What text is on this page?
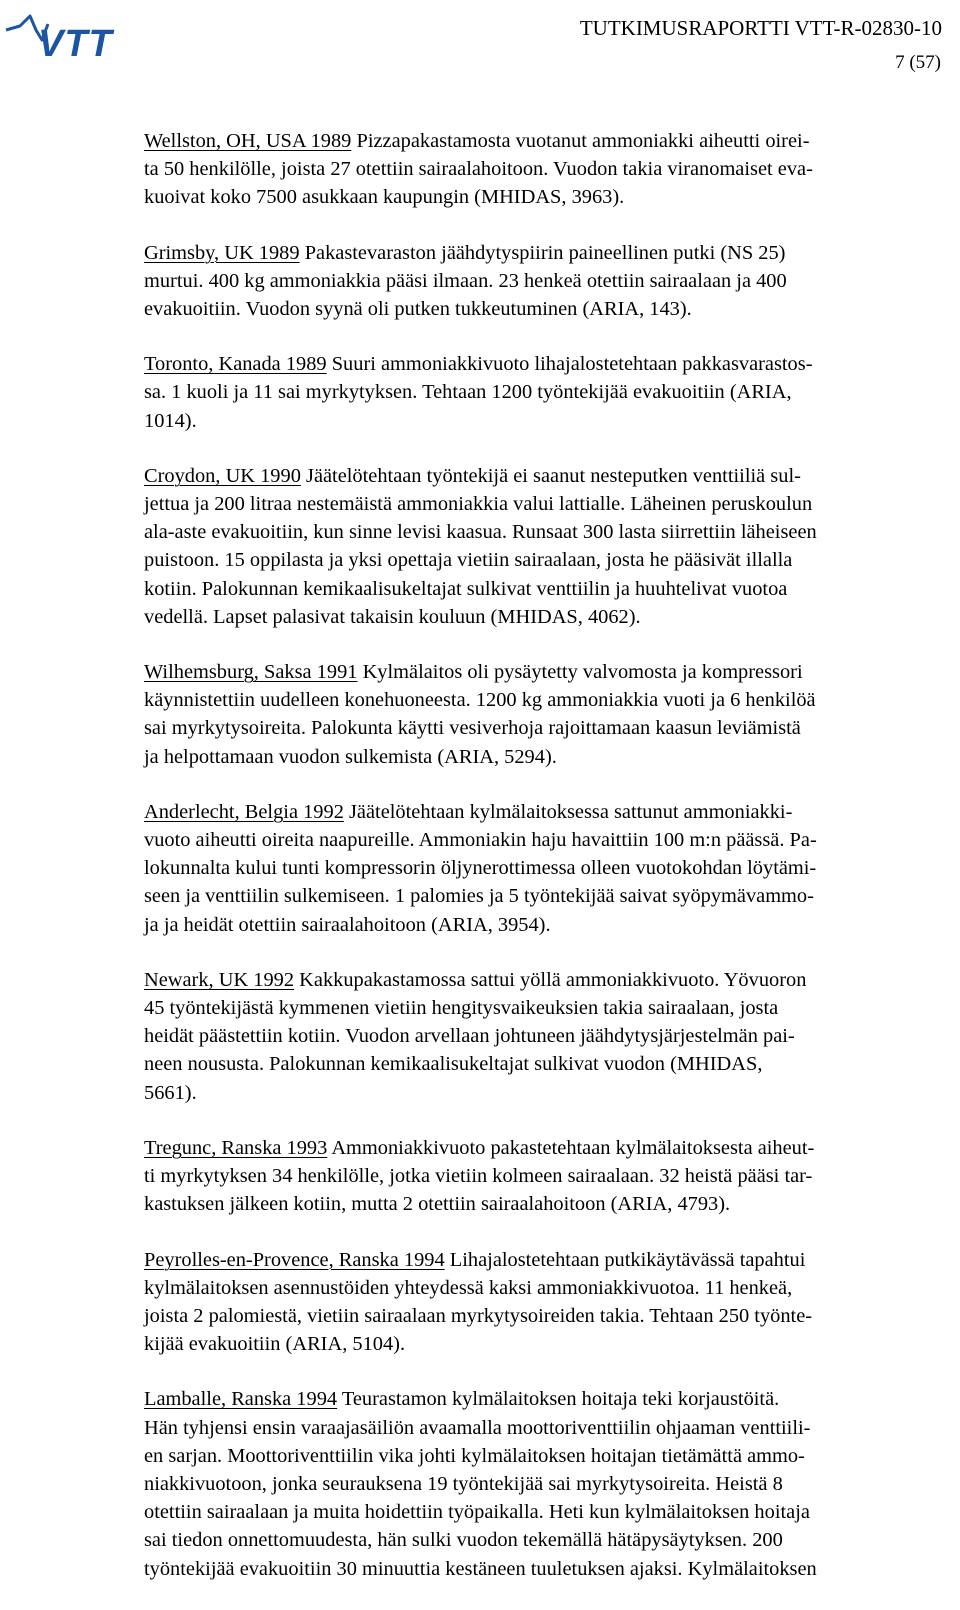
VTT	TUTKIMUSRAPORTTI VTT-R-02830-10
7 (57)

Wellston, OH, USA 1989 Pizzapakastamosta vuotanut ammoniakki aiheutti oirei-
ta 50 henkilölle, joista 27 otettiin sairaalahoitoon. Vuodon takia viranomaiset eva-
kuoivat koko 7500 asukkaan kaupungin (MHIDAS, 3963).

Grimsby, UK 1989 Pakastevaraston jäähdytyspiirin paineellinen putki (NS 25)
murtui. 400 kg ammoniakkia pääsi ilmaan. 23 henkeä otettiin sairaalaan ja 400
evakuoitiin. Vuodon syynä oli putken tukkeutuminen (ARIA, 143).

Toronto, Kanada 1989 Suuri ammoniakkivuoto lihajalostetehtaan pakkasvarastos-
sa. 1 kuoli ja 11 sai myrkytyksen. Tehtaan 1200 työntekijää evakuoitiin (ARIA,
1014).

Croydon, UK 1990 Jäätelötehtaan työntekijä ei saanut nesteputken venttiiliä sul-
jettua ja 200 litraa nestemäistä ammoniakkia valui lattialle. Läheinen peruskoulun
ala-aste evakuoitiin, kun sinne levisi kaasua. Runsaat 300 lasta siirrettiin läheiseen
puistoon. 15 oppilasta ja yksi opettaja vietiin sairaalaan, josta he pääsivät illalla
kotiin. Palokunnan kemikaalisukeltajat sulkivat venttiilin ja huuhtelivat vuotoa
vedellä. Lapset palasivat takaisin kouluun (MHIDAS, 4062).

Wilhemsburg, Saksa 1991 Kylmälaitos oli pysäytetty valvomosta ja kompressori
käynnistettiin uudelleen konehuoneesta. 1200 kg ammoniakkia vuoti ja 6 henkilöä
sai myrkytysoireita. Palokunta käytti vesiverhoja rajoittamaan kaasun leviämistä
ja helpottamaan vuodon sulkemista (ARIA, 5294).

Anderlecht, Belgia 1992 Jäätelötehtaan kylmälaitoksessa sattunut ammoniakki-
vuoto aiheutti oireita naapureille. Ammoniakin haju havaittiin 100 m:n päässä. Pa-
lokunnalta kului tunti kompressorin öljynerottimessa olleen vuotokohdan löytämi-
seen ja venttiilin sulkemiseen. 1 palomies ja 5 työntekijää saivat syöpymävammo-
ja ja heidät otettiin sairaalahoitoon (ARIA, 3954).

Newark, UK 1992 Kakkupakastamossa sattui yöllä ammoniakkivuoto. Yövuoron
45 työntekijästä kymmenen vietiin hengitysvaikeuksien takia sairaalaan, josta
heidät päästettiin kotiin. Vuodon arvellaan johtuneen jäähdytysjärjestelmän pai-
neen noususta. Palokunnan kemikaalisukeltajat sulkivat vuodon (MHIDAS,
5661).

Tregunc, Ranska 1993 Ammoniakkivuoto pakastetehtaan kylmälaitoksesta aiheut-
ti myrkytyksen 34 henkilölle, jotka vietiin kolmeen sairaalaan. 32 heistä pääsi tar-
kastuksen jälkeen kotiin, mutta 2 otettiin sairaalahoitoon (ARIA, 4793).

Peyrolles-en-Provence, Ranska 1994 Lihajalostetehtaan putkikäytävässä tapahtui
kylmälaitoksen asennustöiden yhteydessä kaksi ammoniakkivuotoa. 11 henkeä,
joista 2 palomiestä, vietiin sairaalaan myrkytysoireiden takia. Tehtaan 250 työnte-
kijää evakuoitiin (ARIA, 5104).

Lamballe, Ranska 1994 Teurastamon kylmälaitoksen hoitaja teki korjaustöitä.
Hän tyhjensi ensin varaajasäiliön avaamalla moottoriventtiilin ohjaaman venttiili-
en sarjan. Moottoriventtiilin vika johti kylmälaitoksen hoitajan tietämättä ammo-
niakkivuotoon, jonka seurauksena 19 työntekijää sai myrkytysoireita. Heistä 8
otettiin sairaalaan ja muita hoidettiin työpaikalla. Heti kun kylmälaitoksen hoitaja
sai tiedon onnettomuudesta, hän sulki vuodon tekemällä hätäpysäytyksen. 200
työntekijää evakuoitiin 30 minuuttia kestäneen tuuletuksen ajaksi. Kylmälaitoksen
